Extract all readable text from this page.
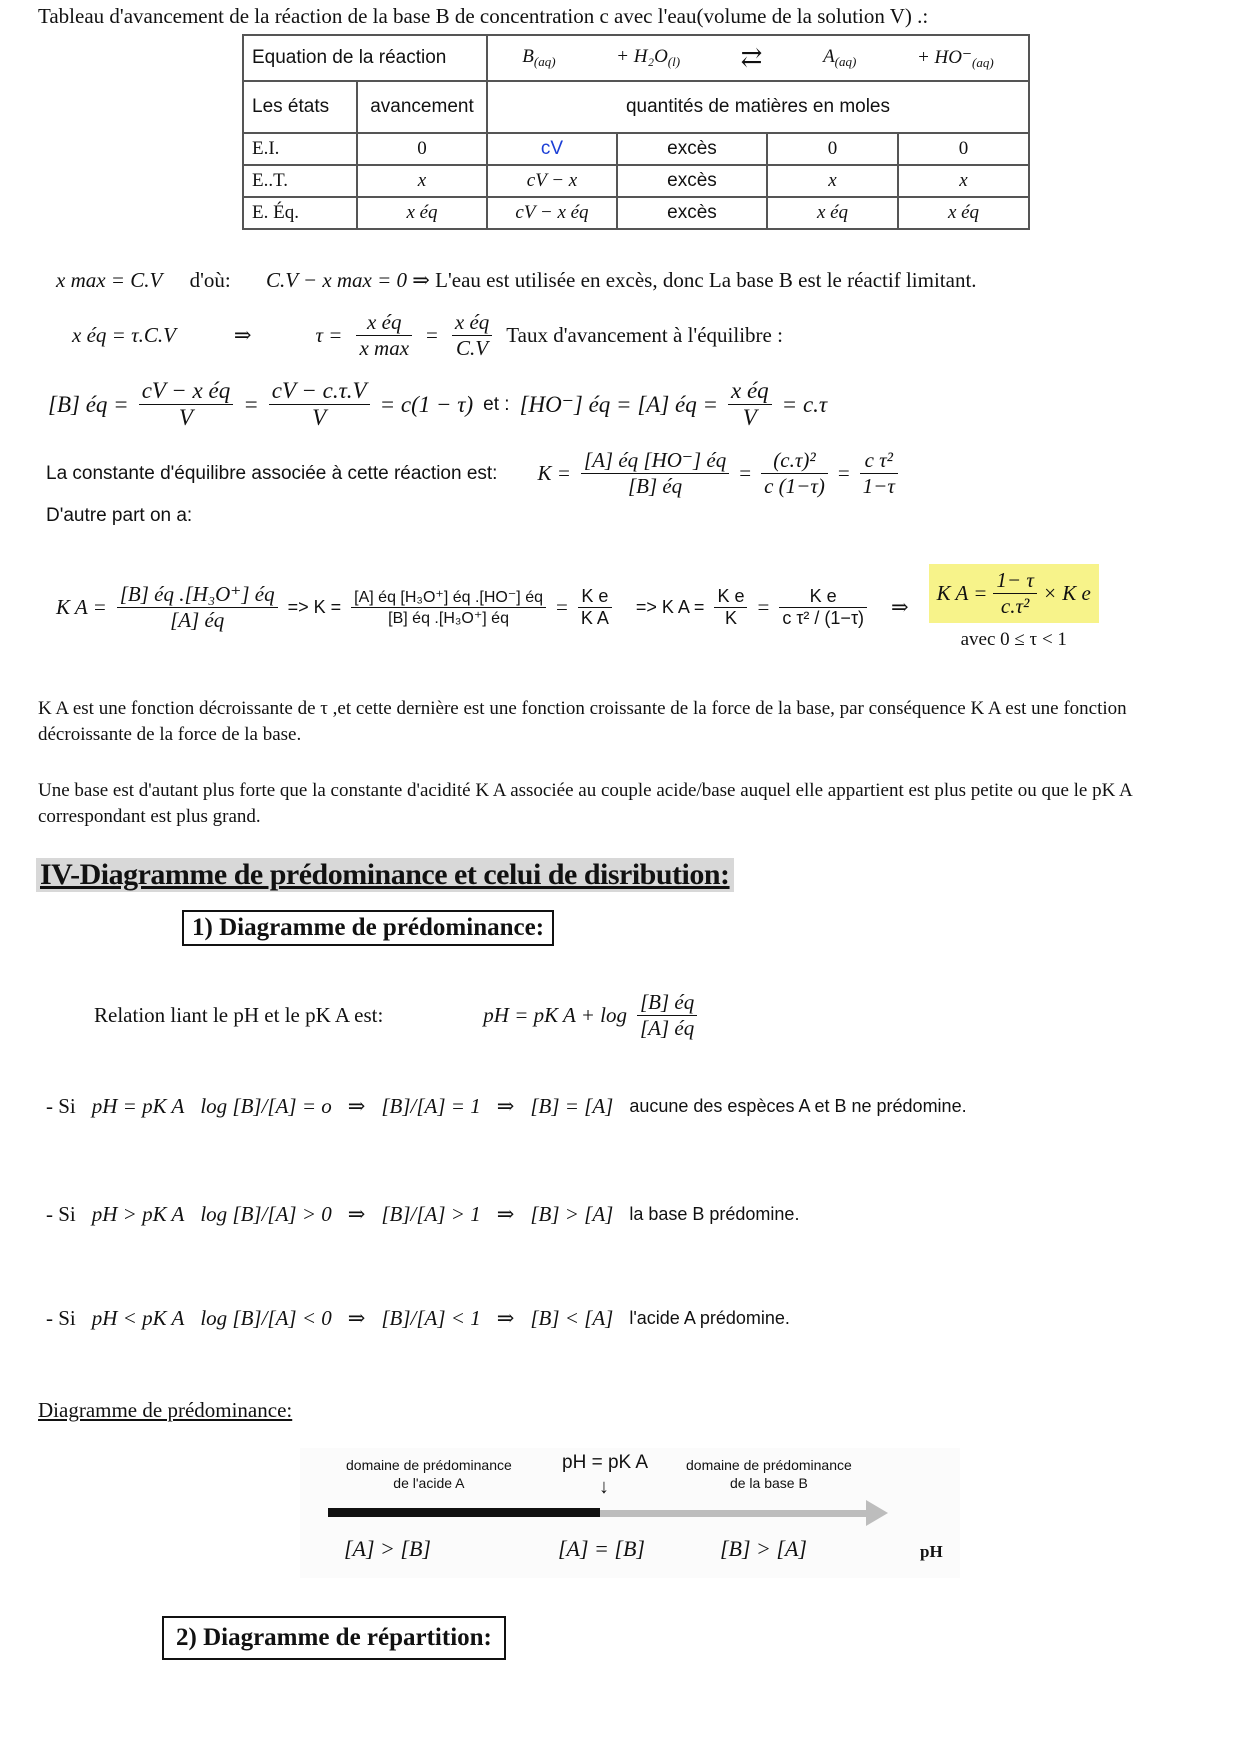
Tableau d'avancement de la réaction de la base B de concentration c avec l'eau(volume de la solution V) .:
Equation de la réaction		$B_{(aq)} + H_2O_{(l)}$ ⇄ $A_{(aq)} + HO^-_{(aq)}$

Les états	avancement	quantités de matières en moles			
E.I.	0	cV	excès	0	0
E..T.	x	cV − x	excès	x	x
E. Éq.	x éq	cV − x éq	excès	x éq	x éq
x max = C.V d'où: C.V − x max = 0 ⇒ L'eau est utilisée en excès, donc La base B est le réactif limitant.
x éq = τ.C.V	⇒	$\tau = \frac{\text{x éq}}{\text{x max}} = \frac{\text{x éq}}{C.V}$ Taux d'avancement à l'équilibre :
[B] éq = $\frac{\text{cV − x éq}}{V} = \frac{cV - c.\tau.V}{V} = c(1 - \tau)$ et : [HO⁻] éq = [A] éq = $\frac{\text{x éq}}{V} = c.\tau$
La constante d'équilibre associée à cette réaction est: $K = \frac{[A] éq [HO^-] éq}{[B] éq} = \frac{\text{(c.τ)²}}{c (1-\tau)} = \frac{\text{c τ²}}{1-\tau}$
D'autre part on a:
K $A = \frac{\text{[B] éq .[H₃O⁺] éq}}{[A] éq} => K = \frac{\text{[A] éq [H₃O⁺] éq .[HO⁻] éq}}{\text{[B] éq .[H₃O⁺] éq}} = \frac{\text{K e}}{\text{K A}} => K$ $A = \frac{\text{K e}}{K} = \frac{\text{K e}}{\text{c τ² / (1−τ)}}$ ⇒
K $A = \frac{1- \tau}{\text{c.τ²}} \times K$ e
avec 0 ≤ τ < 1
K A est une fonction décroissante de τ ,et cette dernière est une fonction croissante de la force de la base, par conséquence K A est une fonction décroissante de la force de la base.
Une base est d'autant plus forte que la constante d'acidité K A associée au couple acide/base auquel elle appartient est plus petite ou que le pK A correspondant est plus grand.
IV-Diagramme de prédominance et celui de disribution:
1) Diagramme de prédominance:
Relation liant le pH et le pK A est:	pH = pK $A + \log \frac{[B] éq}{[A] éq}$
- Si pH = pK A log [B]/[A] = o ⇒ [B]/[A] = 1 ⇒ [B] = [A] aucune des espèces A et B ne prédomine.
- Si pH > pK A log [B]/[A] > 0 ⇒ [B]/[A] > 1 ⇒ [B] > [A] la base B prédomine.
- Si pH < pK A log [B]/[A] < 0 ⇒ [B]/[A] < 1 ⇒ [B] < [A] l'acide A prédomine.
Diagramme de prédominance:
domaine de prédominance
de l'acide A
pH = pK A
↓
domaine de prédominance
de la base B
[A] > [B]	[A] = [B]	[B] > [A]	pH
2) Diagramme de répartition:
